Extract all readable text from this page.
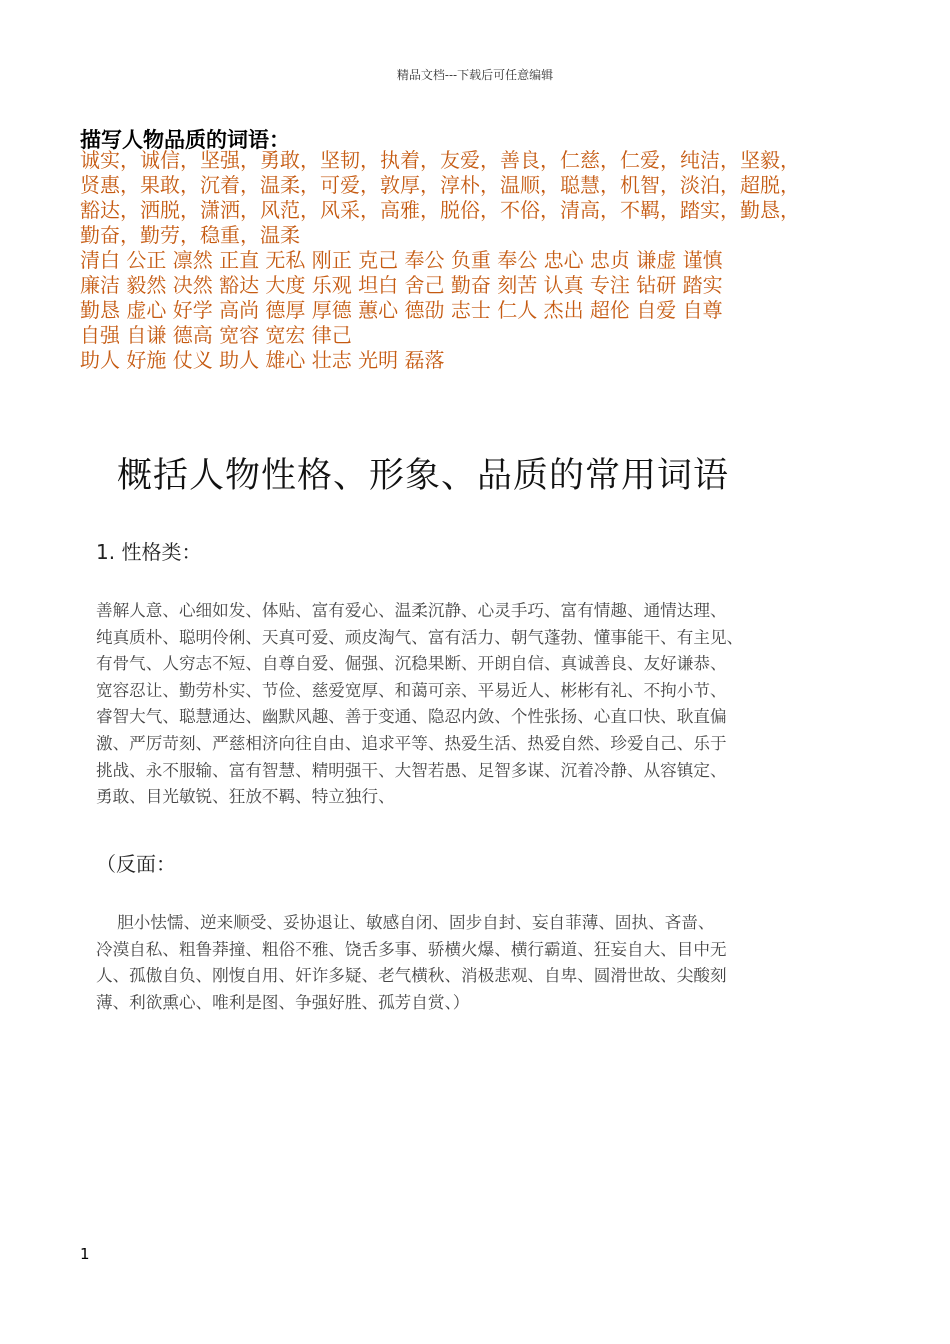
精品文档---下载后可任意编辑
描写人物品质的词语：
诚实，诚信，坚强，勇敢，坚韧，执着，友爱，善良，仁慈，仁爱，纯洁，坚毅，
贤惠，果敢，沉着，温柔，可爱，敦厚，淳朴，温顺，聪慧，机智，淡泊，超脱，
豁达，洒脱，潇洒，风范，风采，高雅，脱俗，不俗，清高，不羁，踏实，勤恳，
勤奋，勤劳，稳重，温柔
清白 公正 凛然 正直 无私 刚正 克己 奉公 负重 奉公 忠心 忠贞 谦虚 谨慎
廉洁 毅然 决然 豁达 大度 乐观 坦白 舍己 勤奋 刻苦 认真 专注 钻研 踏实
勤恳 虚心 好学 高尚 德厚 厚德 蕙心 德劭 志士 仁人 杰出 超伦 自爱 自尊
自强 自谦 德高 宽容 宽宏 律己
助人 好施 仗义 助人 雄心 壮志 光明 磊落
概括人物性格、形象、品质的常用词语
1. 性格类：
善解人意、心细如发、体贴、富有爱心、温柔沉静、心灵手巧、富有情趣、通情达理、
纯真质朴、聪明伶俐、天真可爱、顽皮淘气、富有活力、朝气蓬勃、懂事能干、有主见、
有骨气、人穷志不短、自尊自爱、倔强、沉稳果断、开朗自信、真诚善良、友好谦恭、
宽容忍让、勤劳朴实、节俭、慈爱宽厚、和蔼可亲、平易近人、彬彬有礼、不拘小节、
睿智大气、聪慧通达、幽默风趣、善于变通、隐忍内敛、个性张扬、心直口快、耿直偏
激、严厉苛刻、严慈相济向往自由、追求平等、热爱生活、热爱自然、珍爱自己、乐于
挑战、永不服输、富有智慧、精明强干、大智若愚、足智多谋、沉着冷静、从容镇定、
勇敢、目光敏锐、狂放不羁、特立独行、
（反面：
胆小怯懦、逆来顺受、妥协退让、敏感自闭、固步自封、妄自菲薄、固执、吝啬、
冷漠自私、粗鲁莽撞、粗俗不雅、饶舌多事、骄横火爆、横行霸道、狂妄自大、目中无
人、孤傲自负、刚愎自用、奸诈多疑、老气横秋、消极悲观、自卑、圆滑世故、尖酸刻
薄、利欲熏心、唯利是图、争强好胜、孤芳自赏、）
1
